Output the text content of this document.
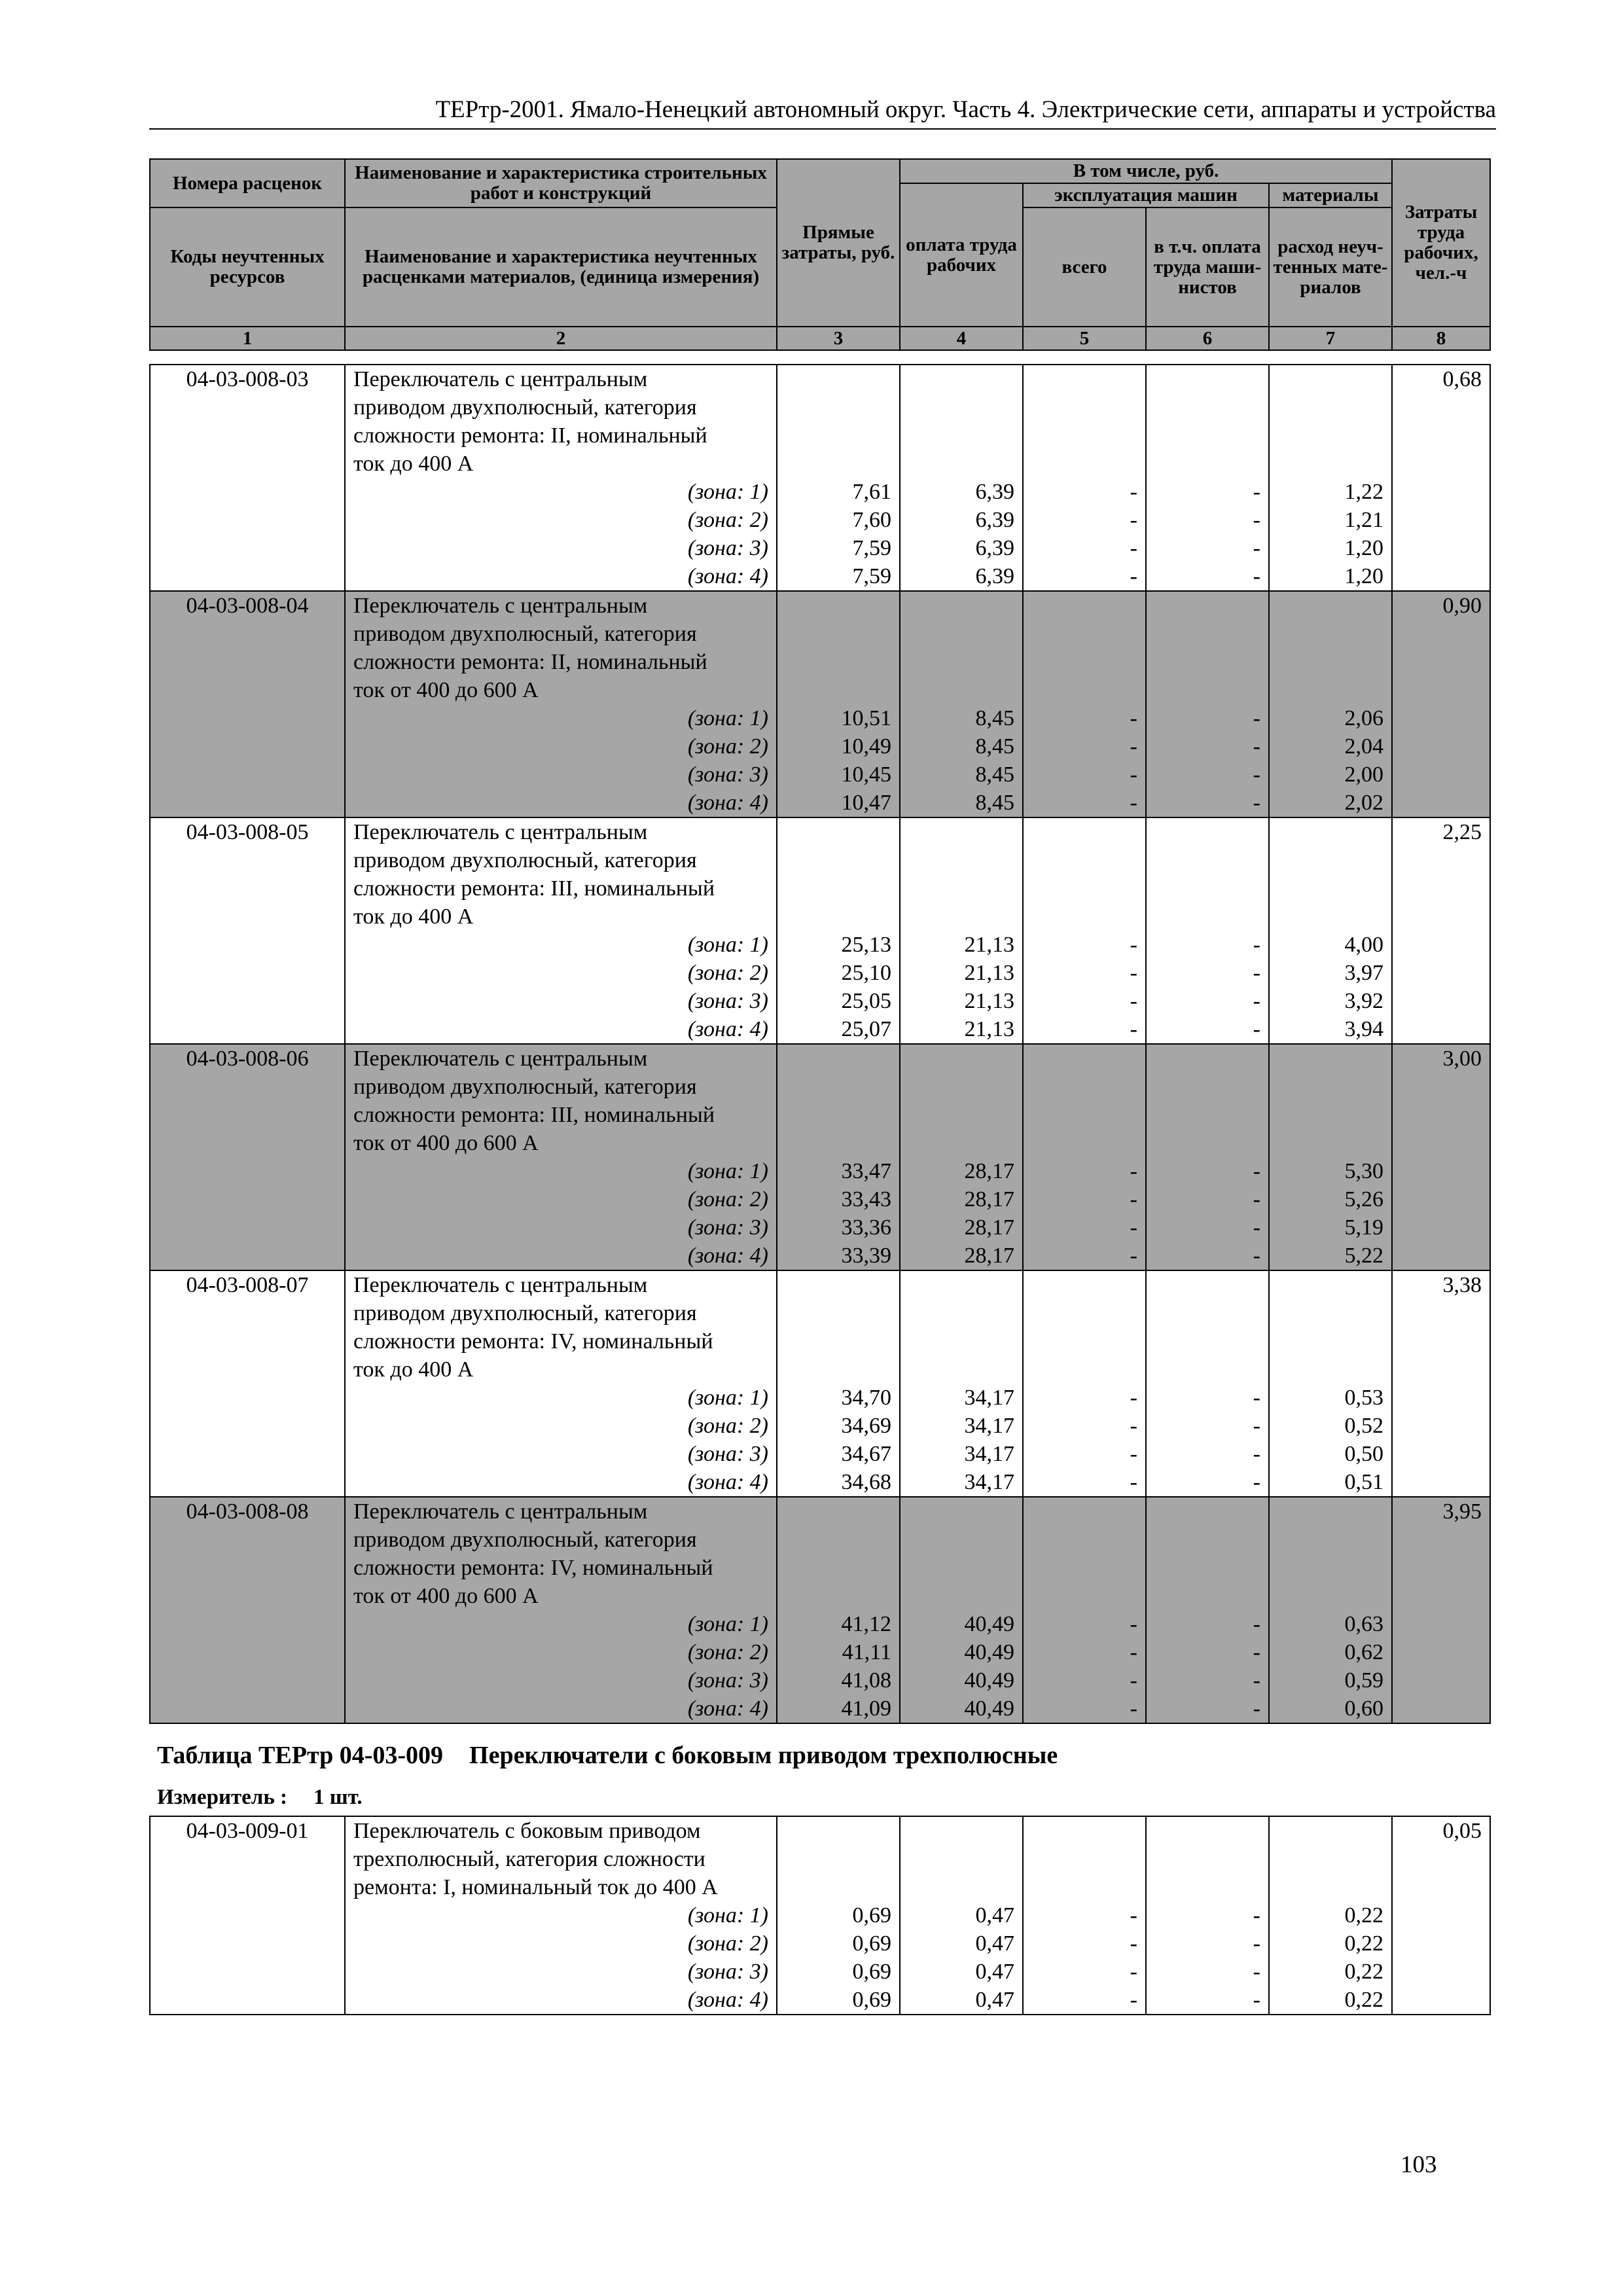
ТЕРтр-2001. Ямало-Ненецкий автономный округ. Часть 4. Электрические сети, аппараты и устройства
Номера расценок	Наименование и характеристика строительных работ и конструкций	Прямые затраты, руб.	В том числе, руб.				Затраты труда рабочих, чел.-ч
			оплата труда рабочих	эксплуатация машин		материалы	
Коды неучтенных ресурсов	Наименование и характеристика неучтенных расценками материалов, (единица измерения)			всего	в т.ч. оплата труда маши-нистов	расход неуч-тенных мате-риалов	

1	2	3	4	5	6	7	8
04-03-008-03	Переключатель с центральным						0,68
	приводом двухполюсный, категория						
	сложности ремонта: II, номинальный						
	ток до 400 А						
	(зона: 1)	7,61	6,39	-	-	1,22	
	(зона: 2)	7,60	6,39	-	-	1,21	
	(зона: 3)	7,59	6,39	-	-	1,20	
	(зона: 4)	7,59	6,39	-	-	1,20	
04-03-008-04	Переключатель с центральным						0,90
	приводом двухполюсный, категория						
	сложности ремонта: II, номинальный						
	ток от 400 до 600 А						
	(зона: 1)	10,51	8,45	-	-	2,06	
	(зона: 2)	10,49	8,45	-	-	2,04	
	(зона: 3)	10,45	8,45	-	-	2,00	
	(зона: 4)	10,47	8,45	-	-	2,02	
04-03-008-05	Переключатель с центральным						2,25
	приводом двухполюсный, категория						
	сложности ремонта: III, номинальный						
	ток до 400 А						
	(зона: 1)	25,13	21,13	-	-	4,00	
	(зона: 2)	25,10	21,13	-	-	3,97	
	(зона: 3)	25,05	21,13	-	-	3,92	
	(зона: 4)	25,07	21,13	-	-	3,94	
04-03-008-06	Переключатель с центральным						3,00
	приводом двухполюсный, категория						
	сложности ремонта: III, номинальный						
	ток от 400 до 600 А						
	(зона: 1)	33,47	28,17	-	-	5,30	
	(зона: 2)	33,43	28,17	-	-	5,26	
	(зона: 3)	33,36	28,17	-	-	5,19	
	(зона: 4)	33,39	28,17	-	-	5,22	
04-03-008-07	Переключатель с центральным						3,38
	приводом двухполюсный, категория						
	сложности ремонта: IV, номинальный						
	ток до 400 А						
	(зона: 1)	34,70	34,17	-	-	0,53	
	(зона: 2)	34,69	34,17	-	-	0,52	
	(зона: 3)	34,67	34,17	-	-	0,50	
	(зона: 4)	34,68	34,17	-	-	0,51	
04-03-008-08	Переключатель с центральным						3,95
	приводом двухполюсный, категория						
	сложности ремонта: IV, номинальный						
	ток от 400 до 600 А						
	(зона: 1)	41,12	40,49	-	-	0,63	
	(зона: 2)	41,11	40,49	-	-	0,62	
	(зона: 3)	41,08	40,49	-	-	0,59	
	(зона: 4)	41,09	40,49	-	-	0,60	
Таблица ТЕРтр 04-03-009 Переключатели с боковым приводом трехполюсные
Измеритель : 1 шт.
04-03-009-01	Переключатель с боковым приводом						0,05
	трехполюсный, категория сложности						
	ремонта: I, номинальный ток до 400 А						
	(зона: 1)	0,69	0,47	-	-	0,22	
	(зона: 2)	0,69	0,47	-	-	0,22	
	(зона: 3)	0,69	0,47	-	-	0,22	
	(зона: 4)	0,69	0,47	-	-	0,22	
103
